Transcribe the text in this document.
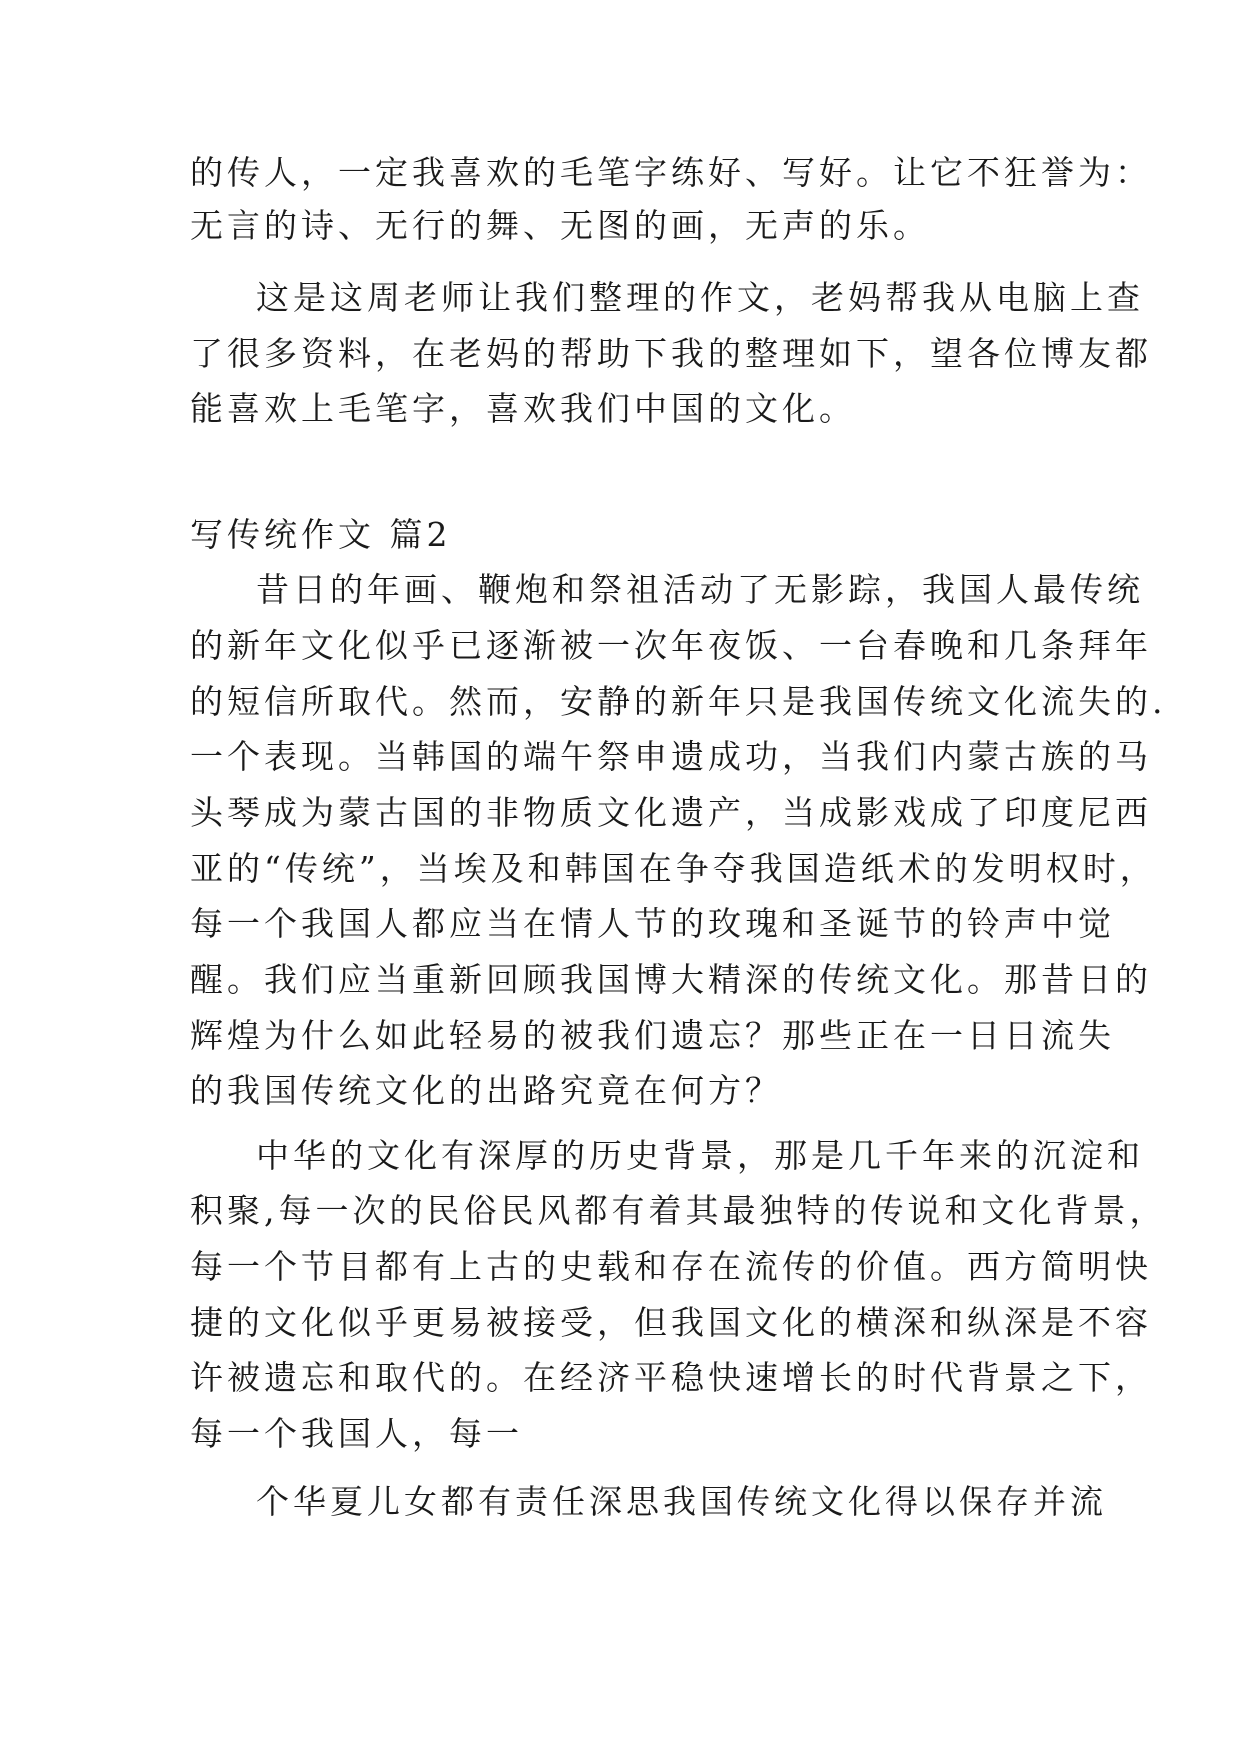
的传人，一定我喜欢的毛笔字练好、写好。让它不狂誉为：
无言的诗、无行的舞、无图的画，无声的乐。
这是这周老师让我们整理的作文，老妈帮我从电脑上查
了很多资料，在老妈的帮助下我的整理如下，望各位博友都
能喜欢上毛笔字，喜欢我们中国的文化。
写传统作文 篇2
昔日的年画、鞭炮和祭祖活动了无影踪，我国人最传统
的新年文化似乎已逐渐被一次年夜饭、一台春晚和几条拜年
的短信所取代。然而，安静的新年只是我国传统文化流失的.
一个表现。当韩国的端午祭申遗成功，当我们内蒙古族的马
头琴成为蒙古国的非物质文化遗产，当成影戏成了印度尼西
亚的“传统”，当埃及和韩国在争夺我国造纸术的发明权时，
每一个我国人都应当在情人节的玫瑰和圣诞节的铃声中觉
醒。我们应当重新回顾我国博大精深的传统文化。那昔日的
辉煌为什么如此轻易的被我们遗忘？那些正在一日日流失
的我国传统文化的出路究竟在何方？
中华的文化有深厚的历史背景，那是几千年来的沉淀和
积聚,每一次的民俗民风都有着其最独特的传说和文化背景，
每一个节目都有上古的史载和存在流传的价值。西方简明快
捷的文化似乎更易被接受，但我国文化的横深和纵深是不容
许被遗忘和取代的。在经济平稳快速增长的时代背景之下，
每一个我国人，每一
个华夏儿女都有责任深思我国传统文化得以保存并流
